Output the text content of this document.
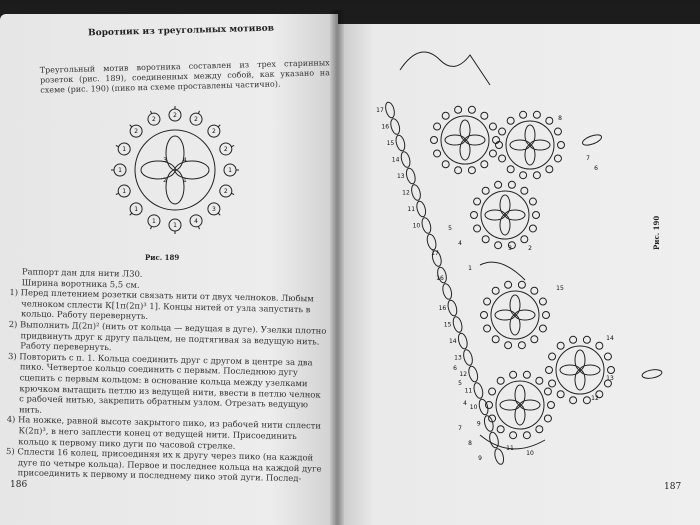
Воротник из треугольных мотивов
Треугольный мотив воротника составлен из трех старинных розеток (рис. 189), соединенных между собой, как указано на схеме (рис. 190) (пико на схеме проставлены частично).
1
2
3
4
1
1
1
1
1
1
2
2
2
2
2
2
1
2
3	4
Рис. 189

Раппорт дан для нити Л30.

Ширина воротника 5,5 см.

1) Перед плетением розетки связать нити от двух челноков. Любым челноком сплести К[1п(2п)³ 1]. Концы нитей от узла запустить в кольцо. Работу перевернуть.

2) Выполнить Д(2п)² (нить от кольца — ведущая в дуге). Узелки плотно придвинуть друг к другу пальцем, не подтягивая за ведущую нить. Работу перевернуть.

3) Повторить с п. 1. Кольца соединить друг с другом в центре за два пико. Четвертое кольцо соединить с первым. Последнюю дугу сцепить с первым кольцом: в основание кольца между узелками крючком вытащить петлю из ведущей нити, ввести в петлю челнок с рабочей нитью, закрепить обратным узлом. Отрезать ведущую нить.

4) На ножке, равной высоте закрытого пико, из рабочей нити сплести К(2п)³, в него заплести конец от ведущей нити. Присоединить кольцо к первому пико дуги по часовой стрелке.

5) Сплести 16 колец, присоединяя их к другу через пико (на каждой дуге по четыре кольца). Первое и последнее кольца на каждой дуге присоединить к первому и последнему пико этой дуги. Послед-

186
17
16
15
14
13
12
11
10
16
15
14
13
12
11
10
9
8
7
6
5
4
3	2
1
17
16
15
14
13
12
11
10
9
8
7
6
5
4
Рис. 190
187
